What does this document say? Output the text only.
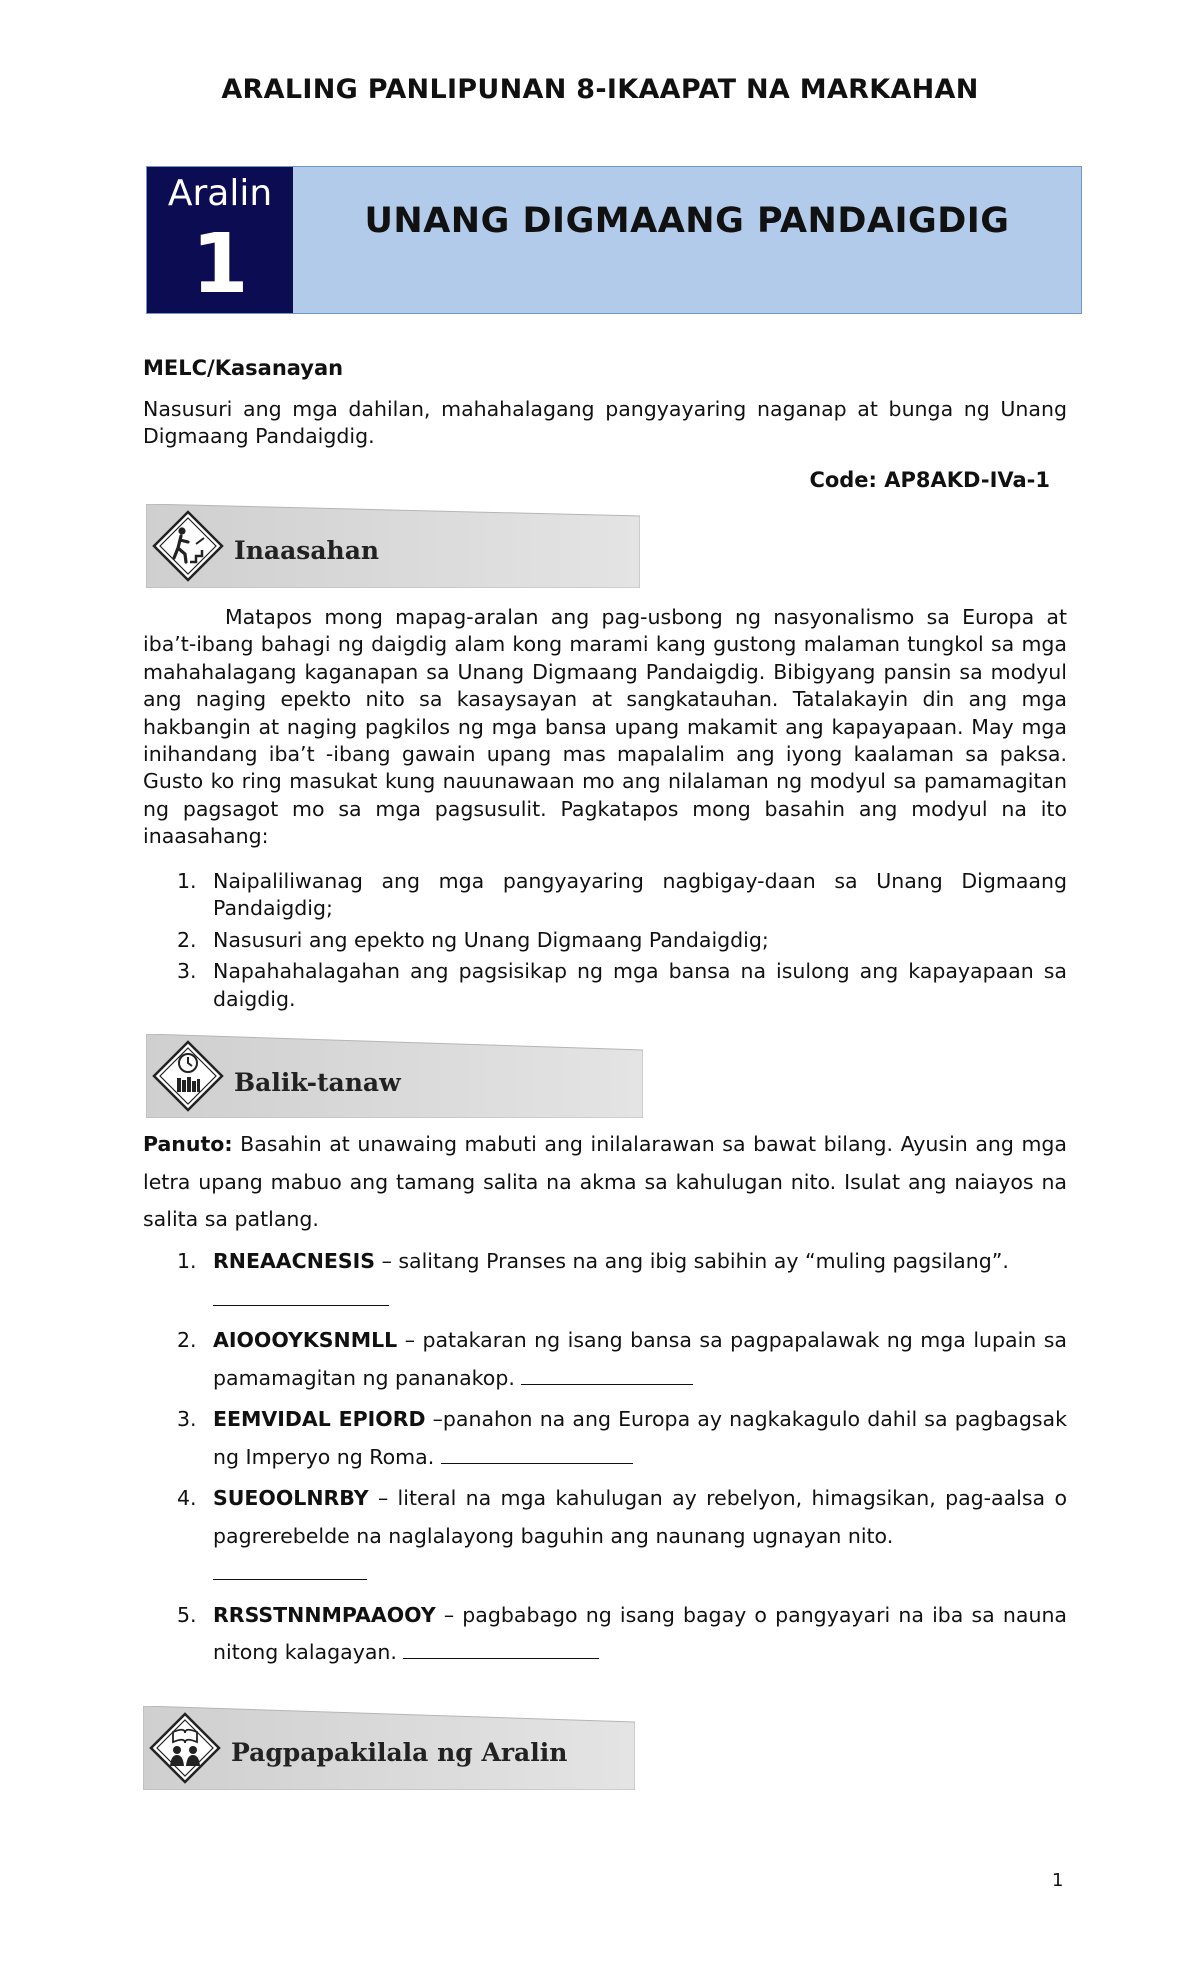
ARALING PANLIPUNAN 8-IKAAPAT NA MARKAHAN
Aralin
1	UNANG DIGMAANG PANDAIGDIG
MELC/Kasanayan
Nasusuri ang mga dahilan, mahahalagang pangyayaring naganap at bunga ng Unang Digmaang Pandaigdig.
Code: AP8AKD-IVa-1
Inaasahan

Matapos mong mapag-aralan ang pag-usbong ng nasyonalismo sa Europa at iba’t-ibang bahagi ng daigdig alam kong marami kang gustong malaman tungkol sa mga mahahalagang kaganapan sa Unang Digmaang Pandaigdig. Bibigyang pansin sa modyul ang naging epekto nito sa kasaysayan at sangkatauhan. Tatalakayin din ang mga hakbangin at naging pagkilos ng mga bansa upang makamit ang kapayapaan. May mga inihandang iba’t -ibang gawain upang mas mapalalim ang iyong kaalaman sa paksa. Gusto ko ring masukat kung nauunawaan mo ang nilalaman ng modyul sa pamamagitan ng pagsagot mo sa mga pagsusulit. Pagkatapos mong basahin ang modyul na ito inaasahang:

1. Naipaliliwanag ang mga pangyayaring nagbigay-daan sa Unang Digmaang Pandaigdig;
2. Nasusuri ang epekto ng Unang Digmaang Pandaigdig;
3. Napahahalagahan ang pagsisikap ng mga bansa na isulong ang kapayapaan sa daigdig.
Balik-tanaw
Panuto: Basahin at unawaing mabuti ang inilalarawan sa bawat bilang. Ayusin ang mga letra upang mabuo ang tamang salita na akma sa kahulugan nito. Isulat ang naiayos na salita sa patlang.
1. RNEAACNESIS – salitang Pranses na ang ibig sabihin ay “muling pagsilang”.

2. AIOOOYKSNMLL – patakaran ng isang bansa sa pagpapalawak ng mga lupain sa pamamagitan ng pananakop.
3. EEMVIDAL EPIORD –panahon na ang Europa ay nagkakagulo dahil sa pagbagsak ng Imperyo ng Roma.
4. SUEOOLNRBY – literal na mga kahulugan ay rebelyon, himagsikan, pag-aalsa o pagrerebelde na naglalayong baguhin ang naunang ugnayan nito.

5. RRSSTNNMPAAOOY – pagbabago ng isang bagay o pangyayari na iba sa nauna nitong kalagayan.
Pagpapakilala ng Aralin
1
